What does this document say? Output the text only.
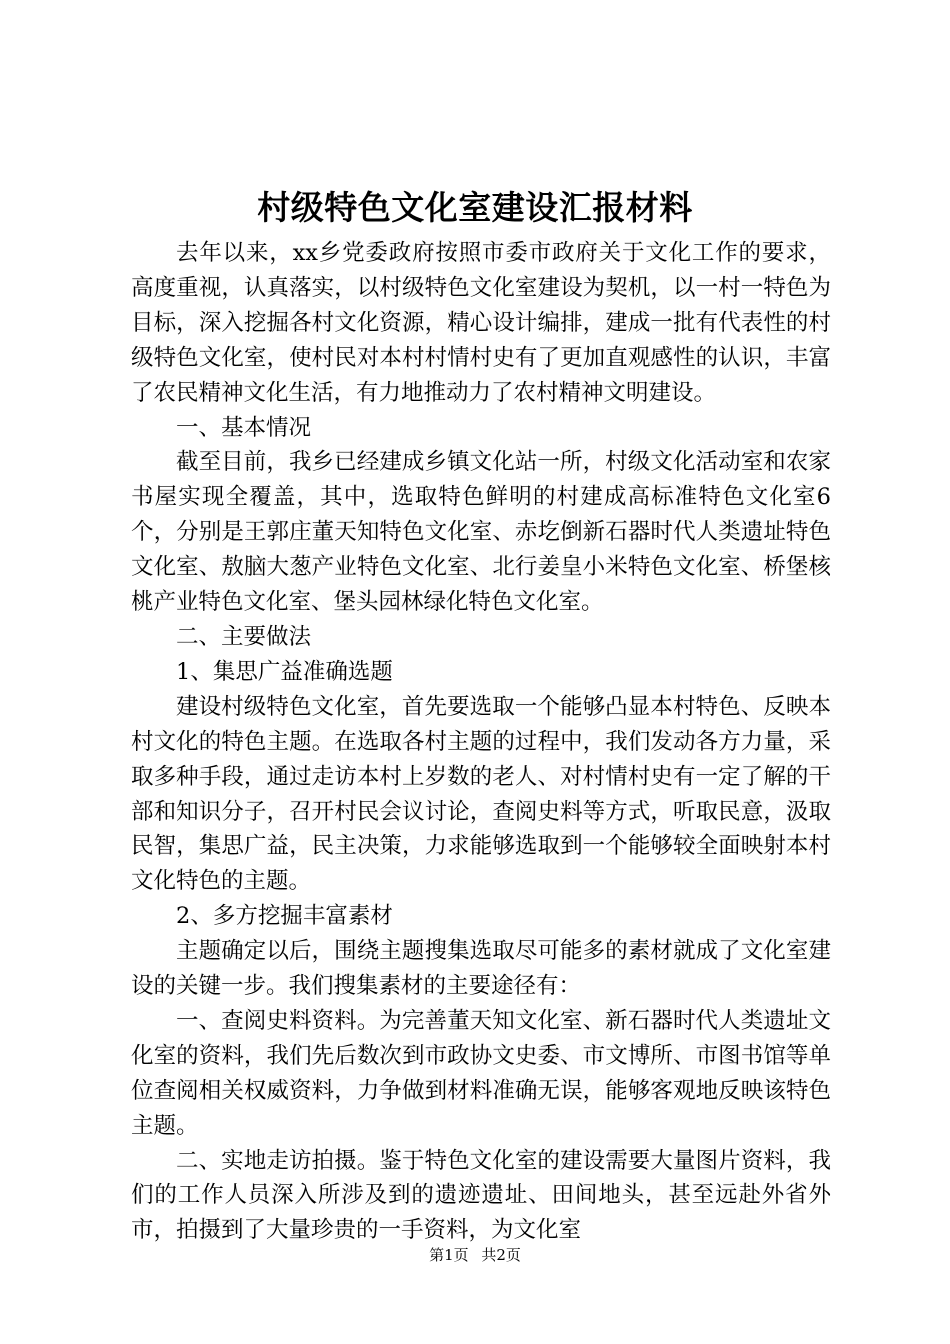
村级特色文化室建设汇报材料

去年以来，xx乡党委政府按照市委市政府关于文化工作的要求，高度重视，认真落实，以村级特色文化室建设为契机，以一村一特色为目标，深入挖掘各村文化资源，精心设计编排，建成一批有代表性的村级特色文化室，使村民对本村村情村史有了更加直观感性的认识，丰富了农民精神文化生活，有力地推动力了农村精神文明建设。

一、基本情况

截至目前，我乡已经建成乡镇文化站一所，村级文化活动室和农家书屋实现全覆盖，其中，选取特色鲜明的村建成高标准特色文化室6个，分别是王郭庄董天知特色文化室、赤圪倒新石器时代人类遗址特色文化室、敖脑大葱产业特色文化室、北行姜皇小米特色文化室、桥堡核桃产业特色文化室、堡头园林绿化特色文化室。

二、主要做法

1、集思广益准确选题

建设村级特色文化室，首先要选取一个能够凸显本村特色、反映本村文化的特色主题。在选取各村主题的过程中，我们发动各方力量，采取多种手段，通过走访本村上岁数的老人、对村情村史有一定了解的干部和知识分子，召开村民会议讨论，查阅史料等方式，听取民意，汲取民智，集思广益，民主决策，力求能够选取到一个能够较全面映射本村文化特色的主题。

2、多方挖掘丰富素材

主题确定以后，围绕主题搜集选取尽可能多的素材就成了文化室建设的关键一步。我们搜集素材的主要途径有：

一、查阅史料资料。为完善董天知文化室、新石器时代人类遗址文化室的资料，我们先后数次到市政协文史委、市文博所、市图书馆等单位查阅相关权威资料，力争做到材料准确无误，能够客观地反映该特色主题。

二、实地走访拍摄。鉴于特色文化室的建设需要大量图片资料，我们的工作人员深入所涉及到的遗迹遗址、田间地头，甚至远赴外省外市，拍摄到了大量珍贵的一手资料，为文化室

第1页 共2页
